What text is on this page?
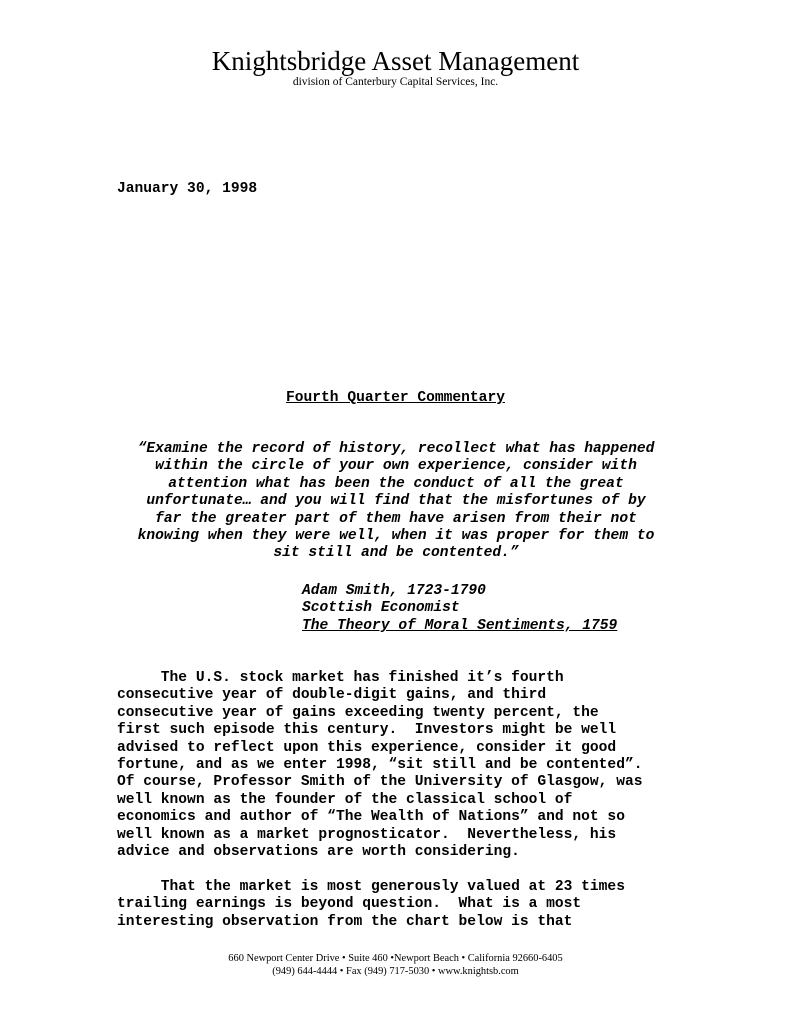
Knightsbridge Asset Management
division of Canterbury Capital Services, Inc.
January 30, 1998
Fourth Quarter Commentary
“Examine the record of history, recollect what has happened
within the circle of your own experience, consider with
attention what has been the conduct of all the great
unfortunate… and you will find that the misfortunes of by
far the greater part of them have arisen from their not
knowing when they were well, when it was proper for them to
sit still and be contented.”
Adam Smith, 1723-1790
Scottish Economist
The Theory of Moral Sentiments, 1759
The U.S. stock market has finished it’s fourth
consecutive year of double-digit gains, and third
consecutive year of gains exceeding twenty percent, the
first such episode this century.  Investors might be well
advised to reflect upon this experience, consider it good
fortune, and as we enter 1998, “sit still and be contented”.
Of course, Professor Smith of the University of Glasgow, was
well known as the founder of the classical school of
economics and author of “The Wealth of Nations” and not so
well known as a market prognosticator.  Nevertheless, his
advice and observations are worth considering.
That the market is most generously valued at 23 times
trailing earnings is beyond question.  What is a most
interesting observation from the chart below is that
660 Newport Center Drive • Suite 460 •Newport Beach • California 92660-6405
(949) 644-4444 • Fax (949) 717-5030 • www.knightsb.com
